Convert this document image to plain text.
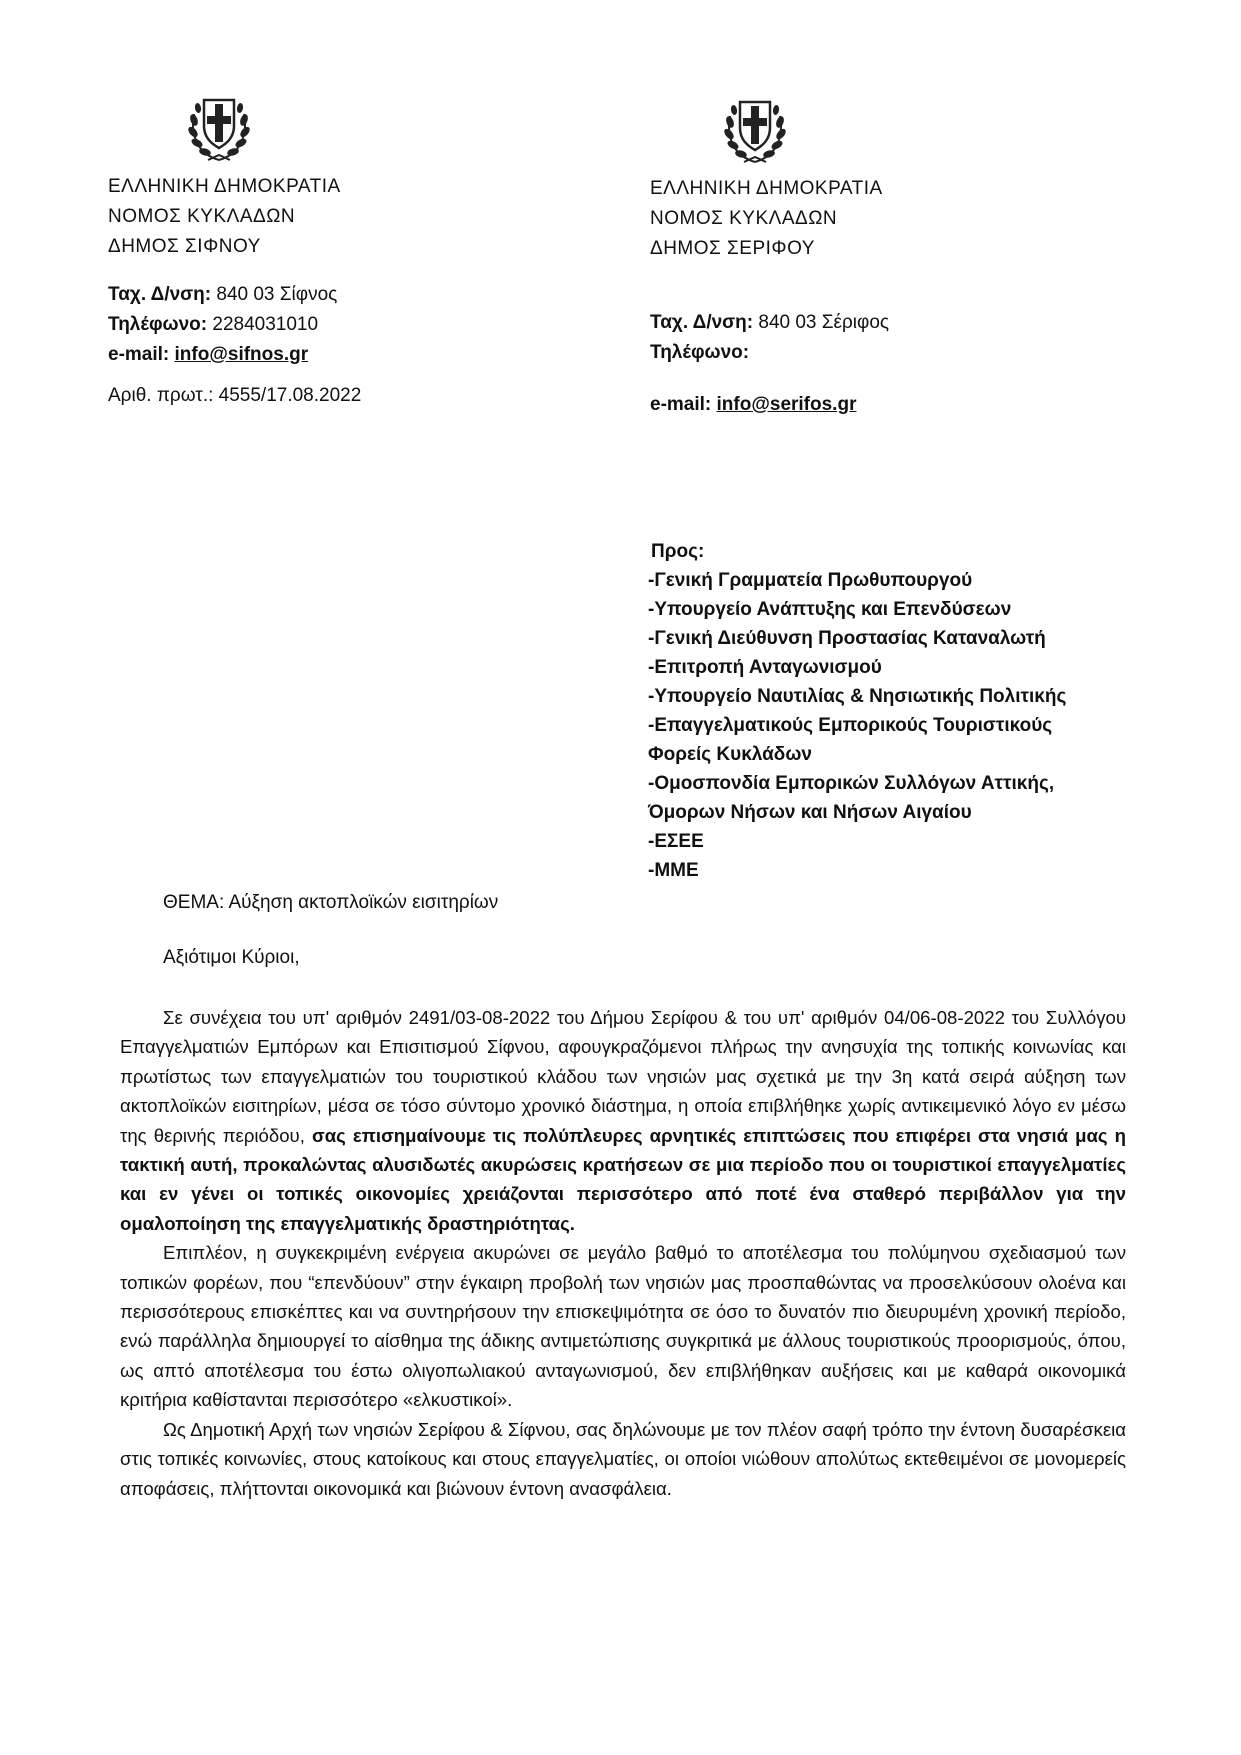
ΕΛΛΗΝΙΚΗ ΔΗΜΟΚΡΑΤΙΑ
ΝΟΜΟΣ ΚΥΚΛΑΔΩΝ
ΔΗΜΟΣ ΣΙΦΝΟΥ
Ταχ. Δ/νση: 840 03 Σίφνος
Τηλέφωνο: 2284031010
e-mail: info@sifnos.gr
Αριθ. πρωτ.: 4555/17.08.2022
ΕΛΛΗΝΙΚΗ ΔΗΜΟΚΡΑΤΙΑ
ΝΟΜΟΣ ΚΥΚΛΑΔΩΝ
ΔΗΜΟΣ ΣΕΡΙΦΟΥ
Ταχ. Δ/νση: 840 03 Σέριφος
Τηλέφωνο:
e-mail: info@serifos.gr
Προς:
-Γενική Γραμματεία Πρωθυπουργού
-Υπουργείο Ανάπτυξης και Επενδύσεων
-Γενική Διεύθυνση Προστασίας Καταναλωτή
-Επιτροπή Ανταγωνισμού
-Υπουργείο Ναυτιλίας & Νησιωτικής Πολιτικής
-Επαγγελματικούς Εμπορικούς Τουριστικούς
Φορείς Κυκλάδων
-Ομοσπονδία Εμπορικών Συλλόγων Αττικής,
Όμορων Νήσων και Νήσων Αιγαίου
-ΕΣΕΕ
-ΜΜΕ
ΘΕΜΑ: Αύξηση ακτοπλοϊκών εισιτηρίων
Αξιότιμοι Κύριοι,

Σε συνέχεια του υπ' αριθμόν 2491/03-08-2022 του Δήμου Σερίφου & του υπ' αριθμόν 04/06-08-2022 του Συλλόγου Επαγγελματιών Εμπόρων και Επισιτισμού Σίφνου, αφουγκραζόμενοι πλήρως την ανησυχία της τοπικής κοινωνίας και πρωτίστως των επαγγελματιών του τουριστικού κλάδου των νησιών μας σχετικά με την 3η κατά σειρά αύξηση των ακτοπλοϊκών εισιτηρίων, μέσα σε τόσο σύντομο χρονικό διάστημα, η οποία επιβλήθηκε χωρίς αντικειμενικό λόγο εν μέσω της θερινής περιόδου, σας επισημαίνουμε τις πολύπλευρες αρνητικές επιπτώσεις που επιφέρει στα νησιά μας η τακτική αυτή, προκαλώντας αλυσιδωτές ακυρώσεις κρατήσεων σε μια περίοδο που οι τουριστικοί επαγγελματίες και εν γένει οι τοπικές οικονομίες χρειάζονται περισσότερο από ποτέ ένα σταθερό περιβάλλον για την ομαλοποίηση της επαγγελματικής δραστηριότητας.

Επιπλέον, η συγκεκριμένη ενέργεια ακυρώνει σε μεγάλο βαθμό το αποτέλεσμα του πολύμηνου σχεδιασμού των τοπικών φορέων, που “επενδύουν” στην έγκαιρη προβολή των νησιών μας προσπαθώντας να προσελκύσουν ολοένα και περισσότερους επισκέπτες και να συντηρήσουν την επισκεψιμότητα σε όσο το δυνατόν πιο διευρυμένη χρονική περίοδο, ενώ παράλληλα δημιουργεί το αίσθημα της άδικης αντιμετώπισης συγκριτικά με άλλους τουριστικούς προορισμούς, όπου, ως απτό αποτέλεσμα του έστω ολιγοπωλιακού ανταγωνισμού, δεν επιβλήθηκαν αυξήσεις και με καθαρά οικονομικά κριτήρια καθίστανται περισσότερο «ελκυστικοί».

Ως Δημοτική Αρχή των νησιών Σερίφου & Σίφνου, σας δηλώνουμε με τον πλέον σαφή τρόπο την έντονη δυσαρέσκεια στις τοπικές κοινωνίες, στους κατοίκους και στους επαγγελματίες, οι οποίοι νιώθουν απολύτως εκτεθειμένοι σε μονομερείς αποφάσεις, πλήττονται οικονομικά και βιώνουν έντονη ανασφάλεια.
